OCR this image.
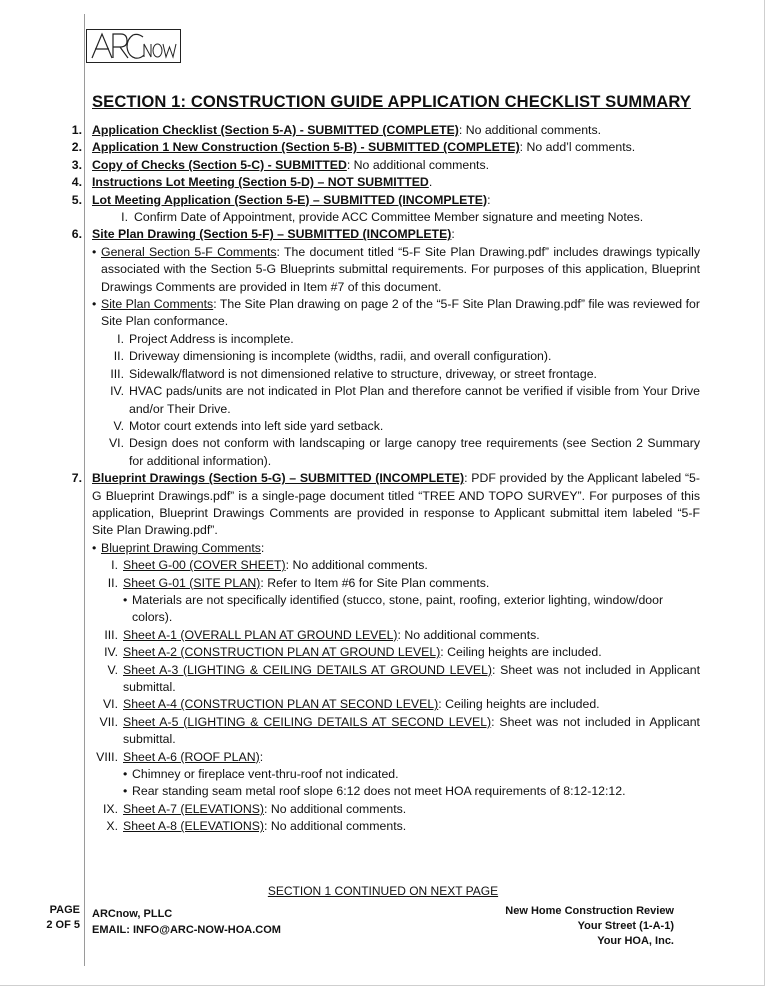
SECTION 1: CONSTRUCTION GUIDE APPLICATION CHECKLIST SUMMARY
1. Application Checklist (Section 5-A) - SUBMITTED (COMPLETE): No additional comments.
2. Application 1 New Construction (Section 5-B) - SUBMITTED (COMPLETE): No add’l comments.
3. Copy of Checks (Section 5-C) - SUBMITTED: No additional comments.
4. Instructions Lot Meeting (Section 5-D) – NOT SUBMITTED.
5. Lot Meeting Application (Section 5-E) – SUBMITTED (INCOMPLETE):
I. Confirm Date of Appointment, provide ACC Committee Member signature and meeting Notes.
6. Site Plan Drawing (Section 5-F) – SUBMITTED (INCOMPLETE):
• General Section 5-F Comments: The document titled “5-F Site Plan Drawing.pdf” includes drawings typically associated with the Section 5-G Blueprints submittal requirements. For purposes of this application, Blueprint Drawings Comments are provided in Item #7 of this document.
• Site Plan Comments: The Site Plan drawing on page 2 of the “5-F Site Plan Drawing.pdf” file was reviewed for Site Plan conformance.
I. Project Address is incomplete.
II. Driveway dimensioning is incomplete (widths, radii, and overall configuration).
III. Sidewalk/flatword is not dimensioned relative to structure, driveway, or street frontage.
IV. HVAC pads/units are not indicated in Plot Plan and therefore cannot be verified if visible from Your Drive and/or Their Drive.
V. Motor court extends into left side yard setback.
VI. Design does not conform with landscaping or large canopy tree requirements (see Section 2 Summary for additional information).
7. Blueprint Drawings (Section 5-G) – SUBMITTED (INCOMPLETE): PDF provided by the Applicant labeled “5-G Blueprint Drawings.pdf” is a single-page document titled “TREE AND TOPO SURVEY”. For purposes of this application, Blueprint Drawings Comments are provided in response to Applicant submittal item labeled “5-F Site Plan Drawing.pdf”.
• Blueprint Drawing Comments:
I. Sheet G-00 (COVER SHEET): No additional comments.
II. Sheet G-01 (SITE PLAN): Refer to Item #6 for Site Plan comments.
• Materials are not specifically identified (stucco, stone, paint, roofing, exterior lighting, window/door colors).
III. Sheet A-1 (OVERALL PLAN AT GROUND LEVEL): No additional comments.
IV. Sheet A-2 (CONSTRUCTION PLAN AT GROUND LEVEL): Ceiling heights are included.
V. Sheet A-3 (LIGHTING & CEILING DETAILS AT GROUND LEVEL): Sheet was not included in Applicant submittal.
VI. Sheet A-4 (CONSTRUCTION PLAN AT SECOND LEVEL): Ceiling heights are included.
VII. Sheet A-5 (LIGHTING & CEILING DETAILS AT SECOND LEVEL): Sheet was not included in Applicant submittal.
VIII. Sheet A-6 (ROOF PLAN):
• Chimney or fireplace vent-thru-roof not indicated.
• Rear standing seam metal roof slope 6:12 does not meet HOA requirements of 8:12-12:12.
IX. Sheet A-7 (ELEVATIONS): No additional comments.
X. Sheet A-8 (ELEVATIONS): No additional comments.
SECTION 1 CONTINUED ON NEXT PAGE
PAGE
2 OF 5
ARCnow, PLLC
EMAIL: INFO@ARC-NOW-HOA.COM
New Home Construction Review
Your Street (1-A-1)
Your HOA, Inc.
